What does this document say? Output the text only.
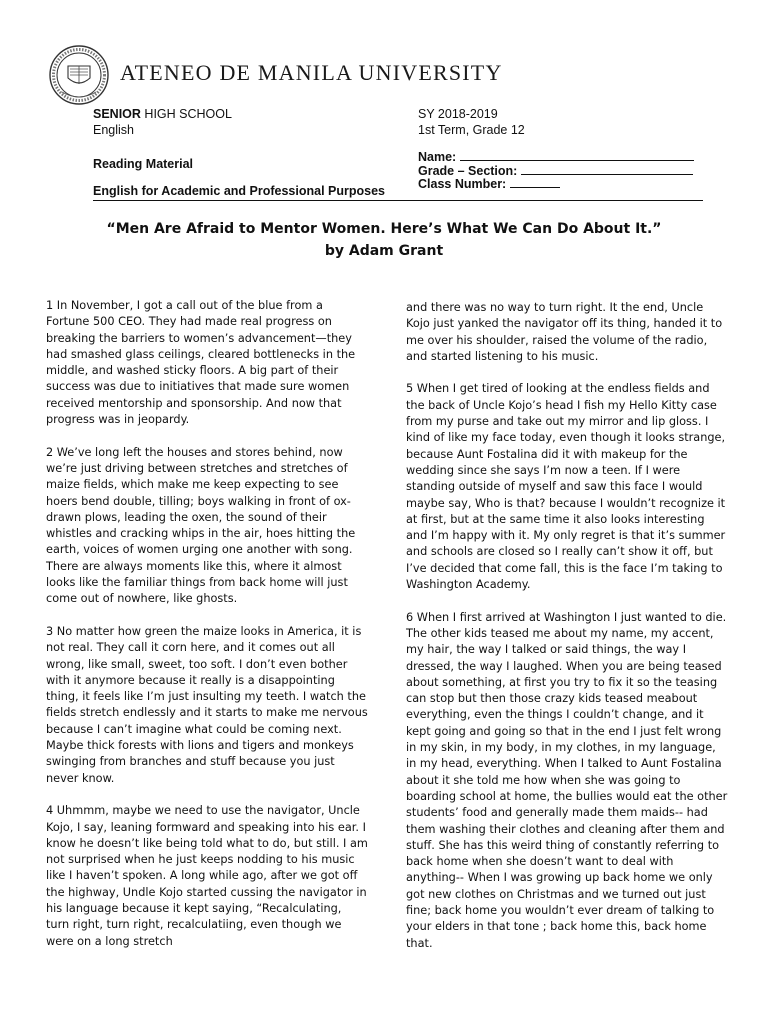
ATENEO DE MANILA UNIVERSITY
SENIOR HIGH SCHOOL
English
SY 2018-2019
1st Term, Grade 12
Reading Material
English for Academic and Professional Purposes
Name:
Grade – Section:
Class Number:
“Men Are Afraid to Mentor Women. Here’s What We Can Do About It.”
by Adam Grant

1 In November, I got a call out of the blue from a Fortune 500 CEO. They had made real progress on breaking the barriers to women’s advancement—they had smashed glass ceilings, cleared bottlenecks in the middle, and washed sticky floors. A big part of their success was due to initiatives that made sure women received mentorship and sponsorship. And now that progress was in jeopardy.

2 We’ve long left the houses and stores behind, now we’re just driving between stretches and stretches of maize fields, which make me keep expecting to see hoers bend double, tilling; boys walking in front of ox-drawn plows, leading the oxen, the sound of their whistles and cracking whips in the air, hoes hitting the earth, voices of women urging one another with song. There are always moments like this, where it almost looks like the familiar things from back home will just come out of nowhere, like ghosts.

3 No matter how green the maize looks in America, it is not real. They call it corn here, and it comes out all wrong, like small, sweet, too soft. I don’t even bother with it anymore because it really is a disappointing thing, it feels like I’m just insulting my teeth. I watch the fields stretch endlessly and it starts to make me nervous because I can’t imagine what could be coming next. Maybe thick forests with lions and tigers and monkeys swinging from branches and stuff because you just never know.

4 Uhmmm, maybe we need to use the navigator, Uncle Kojo, I say, leaning formward and speaking into his ear. I know he doesn’t like being told what to do, but still. I am not surprised when he just keeps nodding to his music like I haven’t spoken. A long while ago, after we got off the highway, Undle Kojo started cussing the navigator in his language because it kept saying, “Recalculating, turn right, turn right, recalculatiing, even though we were on a long stretch

and there was no way to turn right. It the end, Uncle Kojo just yanked the navigator off its thing, handed it to me over his shoulder, raised the volume of the radio, and started listening to his music.

5 When I get tired of looking at the endless fields and the back of Uncle Kojo’s head I fish my Hello Kitty case from my purse and take out my mirror and lip gloss. I kind of like my face today, even though it looks strange, because Aunt Fostalina did it with makeup for the wedding since she says I’m now a teen. If I were standing outside of myself and saw this face I would maybe say, Who is that? because I wouldn’t recognize it at first, but at the same time it also looks interesting and I’m happy with it. My only regret is that it’s summer and schools are closed so I really can’t show it off, but I’ve decided that come fall, this is the face I’m taking to Washington Academy.

6 When I first arrived at Washington I just wanted to die. The other kids teased me about my name, my accent, my hair, the way I talked or said things, the way I dressed, the way I laughed. When you are being teased about something, at first you try to fix it so the teasing can stop but then those crazy kids teased meabout everything, even the things I couldn’t change, and it kept going and going so that in the end I just felt wrong in my skin, in my body, in my clothes, in my language, in my head, everything. When I talked to Aunt Fostalina about it she told me how when she was going to boarding school at home, the bullies would eat the other students’ food and generally made them maids-- had them washing their clothes and cleaning after them and stuff. She has this weird thing of constantly referring to back home when she doesn’t want to deal with anything-- When I was growing up back home we only got new clothes on Christmas and we turned out just fine; back home you wouldn’t ever dream of talking to your elders in that tone ; back home this, back home that.
